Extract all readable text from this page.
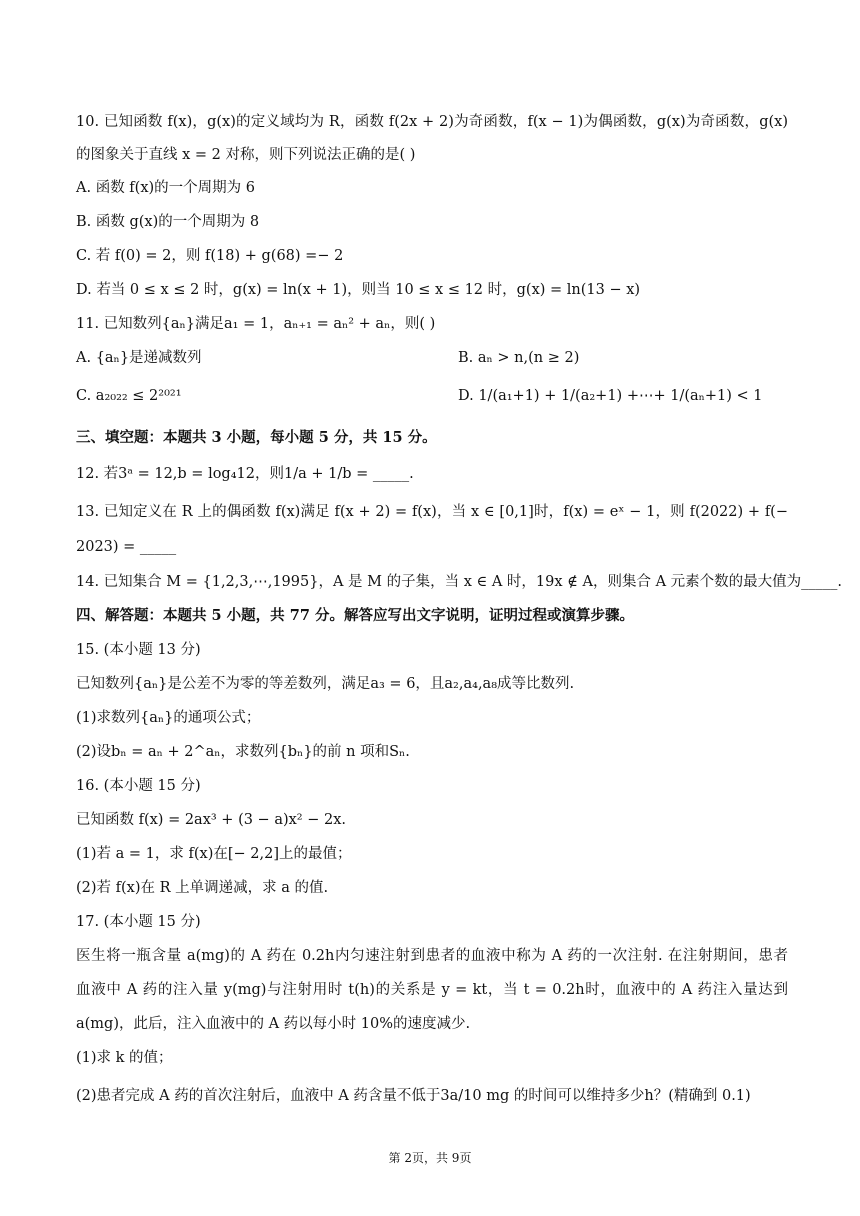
10. 已知函数 f(x)，g(x)的定义域均为 R，函数 f(2x + 2)为奇函数，f(x − 1)为偶函数，g(x)为奇函数，g(x)
的图象关于直线 x = 2 对称，则下列说法正确的是( )
A. 函数 f(x)的一个周期为 6
B. 函数 g(x)的一个周期为 8
C. 若 f(0) = 2，则 f(18) + g(68) =− 2
D. 若当 0 ≤ x ≤ 2 时，g(x) = ln(x + 1)，则当 10 ≤ x ≤ 12 时，g(x) = ln(13 − x)
11. 已知数列{aₙ}满足a₁ = 1，aₙ₊₁ = aₙ² + aₙ，则( )
A. {aₙ}是递减数列	B. aₙ > n,(n ≥ 2)
C. a₂₀₂₂ ≤ 2²⁰²¹	D. 1/(a₁+1) + 1/(a₂+1) +⋯+ 1/(aₙ+1) < 1
三、填空题：本题共 3 小题，每小题 5 分，共 15 分。
12. 若3ᵃ = 12,b = log₄12，则1/a + 1/b = _____.
13. 已知定义在 R 上的偶函数 f(x)满足 f(x + 2) = f(x)，当 x ∈ [0,1]时，f(x) = eˣ − 1，则 f(2022) + f(−
2023) = _____
14. 已知集合 M = {1,2,3,⋯,1995}，A 是 M 的子集，当 x ∈ A 时，19x ∉ A，则集合 A 元素个数的最大值为_____.
四、解答题：本题共 5 小题，共 77 分。解答应写出文字说明，证明过程或演算步骤。
15. (本小题 13 分)
已知数列{aₙ}是公差不为零的等差数列，满足a₃ = 6，且a₂,a₄,a₈成等比数列.
(1)求数列{aₙ}的通项公式；
(2)设bₙ = aₙ + 2^aₙ，求数列{bₙ}的前 n 项和Sₙ.
16. (本小题 15 分)
已知函数 f(x) = 2ax³ + (3 − a)x² − 2x.
(1)若 a = 1，求 f(x)在[− 2,2]上的最值；
(2)若 f(x)在 R 上单调递减，求 a 的值.
17. (本小题 15 分)
医生将一瓶含量 a(mg)的 A 药在 0.2h内匀速注射到患者的血液中称为 A 药的一次注射. 在注射期间，患者
血液中 A 药的注入量 y(mg)与注射用时 t(h)的关系是 y = kt，当 t = 0.2h时，血液中的 A 药注入量达到
a(mg)，此后，注入血液中的 A 药以每小时 10%的速度减少.
(1)求 k 的值；
(2)患者完成 A 药的首次注射后，血液中 A 药含量不低于3a/10 mg 的时间可以维持多少h？(精确到 0.1)
第 2页，共 9页
